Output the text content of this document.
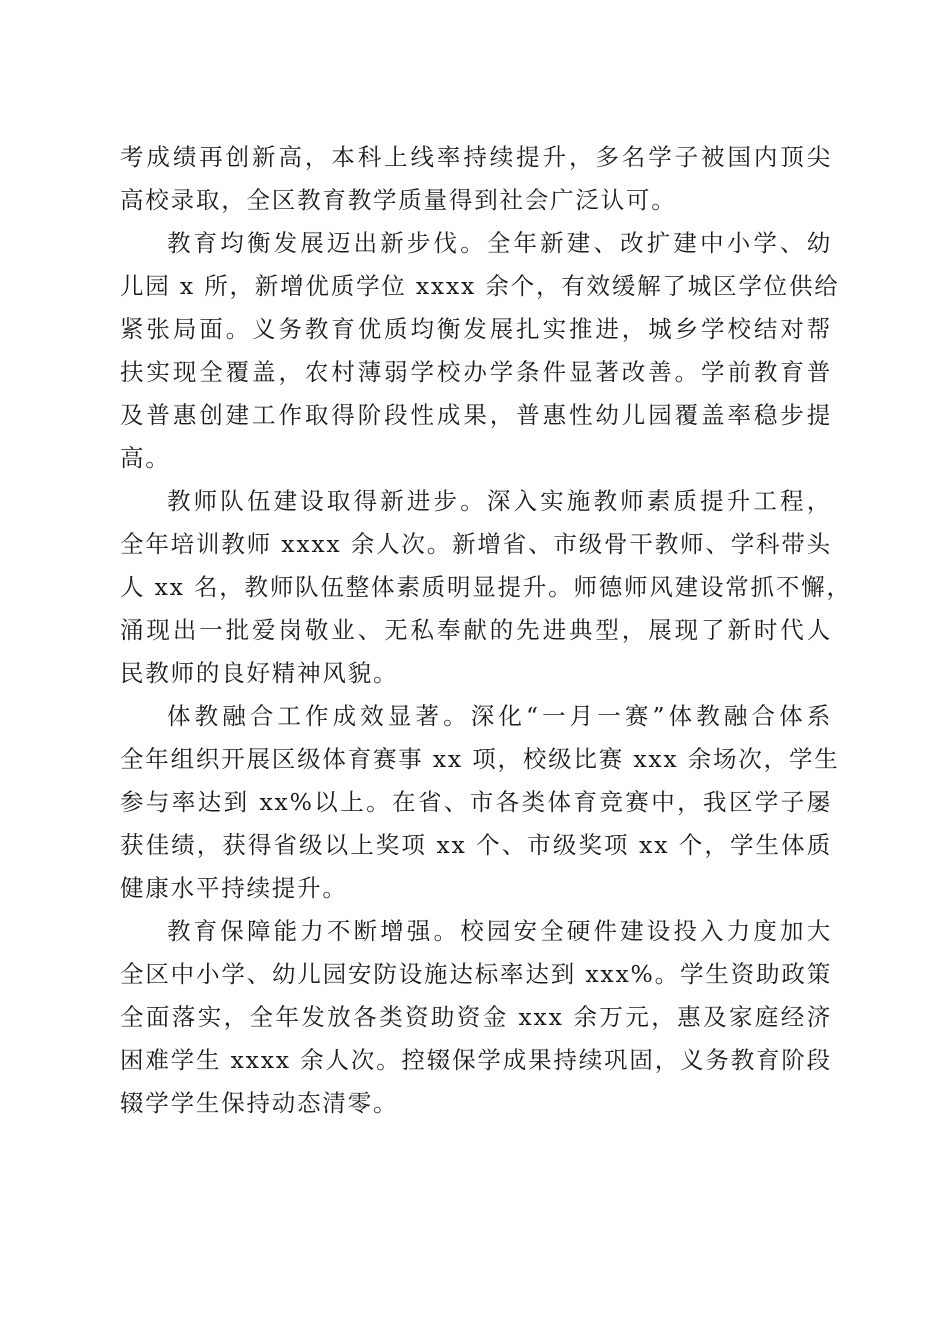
考成绩再创新高，本科上线率持续提升，多名学子被国内顶尖
高校录取，全区教育教学质量得到社会广泛认可。
教育均衡发展迈出新步伐。全年新建、改扩建中小学、幼
儿园 x 所，新增优质学位 xxxx 余个，有效缓解了城区学位供给
紧张局面。义务教育优质均衡发展扎实推进，城乡学校结对帮
扶实现全覆盖，农村薄弱学校办学条件显著改善。学前教育普
及普惠创建工作取得阶段性成果，普惠性幼儿园覆盖率稳步提
高。
教师队伍建设取得新进步。深入实施教师素质提升工程，
全年培训教师 xxxx 余人次。新增省、市级骨干教师、学科带头
人 xx 名，教师队伍整体素质明显提升。师德师风建设常抓不懈，
涌现出一批爱岗敬业、无私奉献的先进典型，展现了新时代人
民教师的良好精神风貌。
体教融合工作成效显著。深化“一月一赛”体教融合体系
全年组织开展区级体育赛事 xx 项，校级比赛 xxx 余场次，学生
参与率达到 xx%以上。在省、市各类体育竞赛中，我区学子屡
获佳绩，获得省级以上奖项 xx 个、市级奖项 xx 个，学生体质
健康水平持续提升。
教育保障能力不断增强。校园安全硬件建设投入力度加大
全区中小学、幼儿园安防设施达标率达到 xxx%。学生资助政策
全面落实，全年发放各类资助资金 xxx 余万元，惠及家庭经济
困难学生 xxxx 余人次。控辍保学成果持续巩固，义务教育阶段
辍学学生保持动态清零。
